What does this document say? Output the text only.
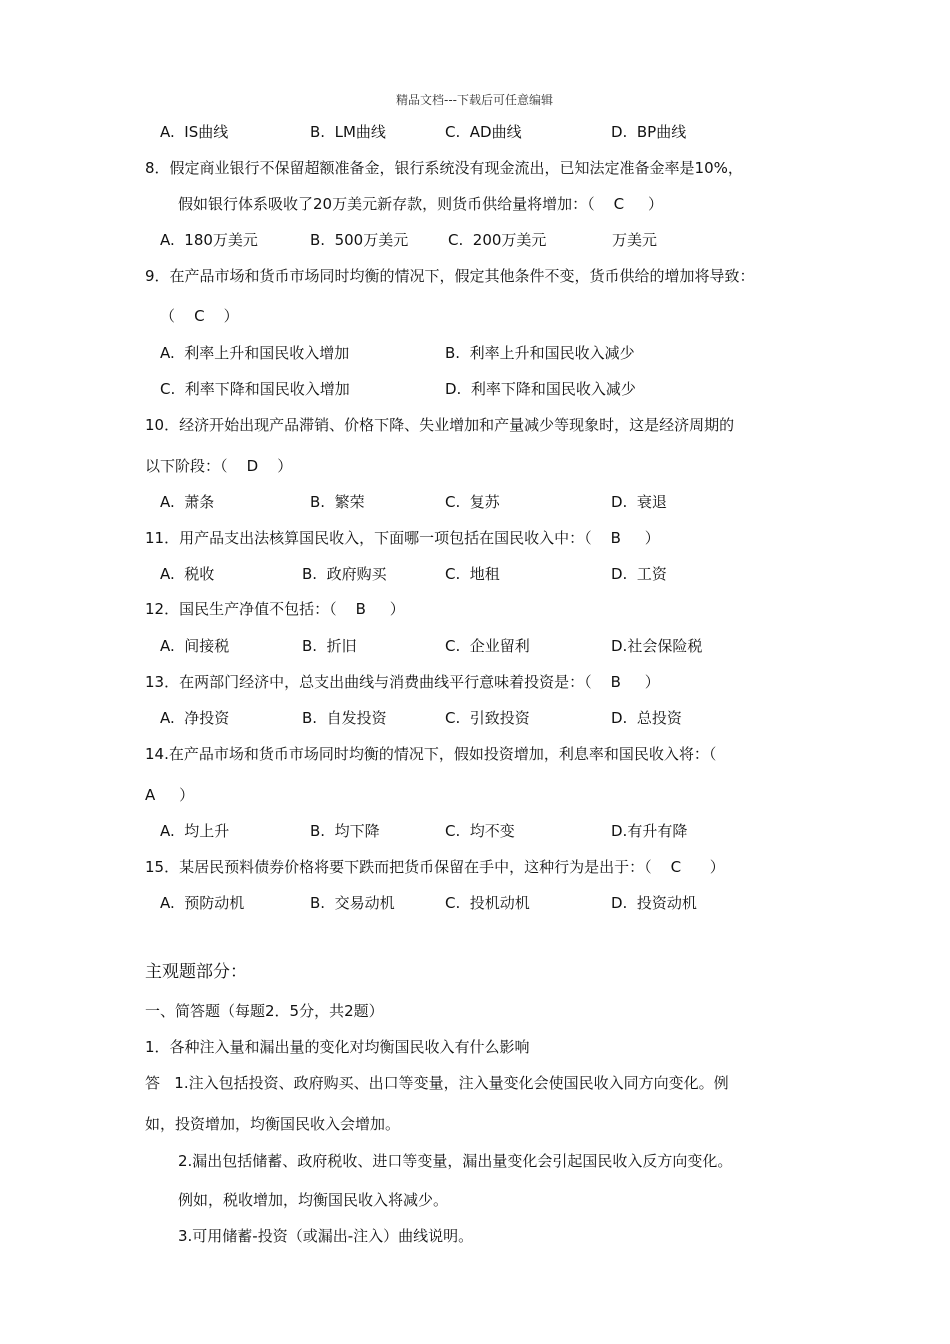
精品文档---下载后可任意编辑
A.  IS曲线	B.  LM曲线	C.  AD曲线	D.  BP曲线
8．假定商业银行不保留超额准备金，银行系统没有现金流出，已知法定准备金率是10%，
假如银行体系吸收了20万美元新存款，则货币供给量将增加：（    C     ）
A.  180万美元	B.  500万美元	C.  200万美元	万美元
9．在产品市场和货币市场同时均衡的情况下，假定其他条件不变，货币供给的增加将导致：
（    C    ）
A.  利率上升和国民收入增加	B.  利率上升和国民收入减少
C.  利率下降和国民收入增加	D.  利率下降和国民收入减少
10．经济开始出现产品滞销、价格下降、失业增加和产量减少等现象时，这是经济周期的
以下阶段：（    D    ）
A.  萧条	B.  繁荣	C.  复苏	D.  衰退
11．用产品支出法核算国民收入，下面哪一项包括在国民收入中：（    B     ）
A.  税收	B.  政府购买	C.  地租	D.  工资
12．国民生产净值不包括：（    B     ）
A.  间接税	B.  折旧	C.  企业留利	D.社会保险税
13．在两部门经济中，总支出曲线与消费曲线平行意味着投资是：（    B     ）
A.  净投资	B.  自发投资	C.  引致投资	D.  总投资
14.在产品市场和货币市场同时均衡的情况下，假如投资增加，利息率和国民收入将：（
A     ）
A.  均上升	B.  均下降	C.  均不变	D.有升有降
15．某居民预料债券价格将要下跌而把货币保留在手中，这种行为是出于：（    C      ）
A.  预防动机	B.  交易动机	C.  投机动机	D.  投资动机
主观题部分：
一、简答题（每题2．5分，共2题）
1．各种注入量和漏出量的变化对均衡国民收入有什么影响
答   1.注入包括投资、政府购买、出口等变量，注入量变化会使国民收入同方向变化。例
如，投资增加，均衡国民收入会增加。
2.漏出包括储蓄、政府税收、进口等变量，漏出量变化会引起国民收入反方向变化。
例如，税收增加，均衡国民收入将减少。
3.可用储蓄-投资（或漏出-注入）曲线说明。
